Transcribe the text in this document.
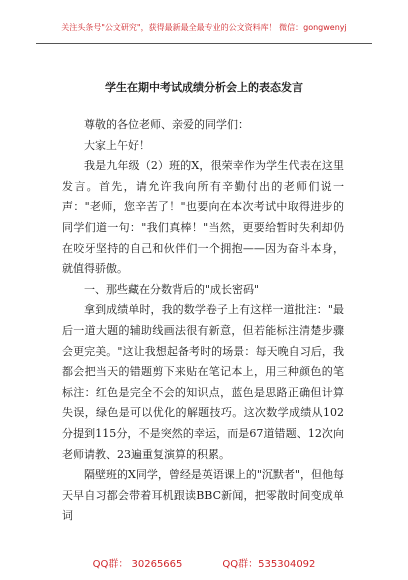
关注头条号"公文研究"，获得最新最全最专业的公文资料库！ 微信：gongwenyj
学生在期中考试成绩分析会上的表态发言

尊敬的各位老师、亲爱的同学们：

大家上午好！

我是九年级（2）班的X，很荣幸作为学生代表在这里发言。首先，请允许我向所有辛勤付出的老师们说一声："老师，您辛苦了！"也要向在本次考试中取得进步的同学们道一句："我们真棒！"当然，更要给暂时失利却仍在咬牙坚持的自己和伙伴们一个拥抱——因为奋斗本身，就值得骄傲。

一、那些藏在分数背后的"成长密码"

拿到成绩单时，我的数学卷子上有这样一道批注："最后一道大题的辅助线画法很有新意，但若能标注清楚步骤会更完美。"这让我想起备考时的场景：每天晚自习后，我都会把当天的错题剪下来贴在笔记本上，用三种颜色的笔标注：红色是完全不会的知识点，蓝色是思路正确但计算失误，绿色是可以优化的解题技巧。这次数学成绩从102分提到115分，不是突然的幸运，而是67道错题、12次向老师请教、23遍重复演算的积累。

隔壁班的X同学，曾经是英语课上的"沉默者"，但他每天早自习都会带着耳机跟读BBC新闻，把零散时间变成单词

QQ群： 30265665	QQ群：535304092
